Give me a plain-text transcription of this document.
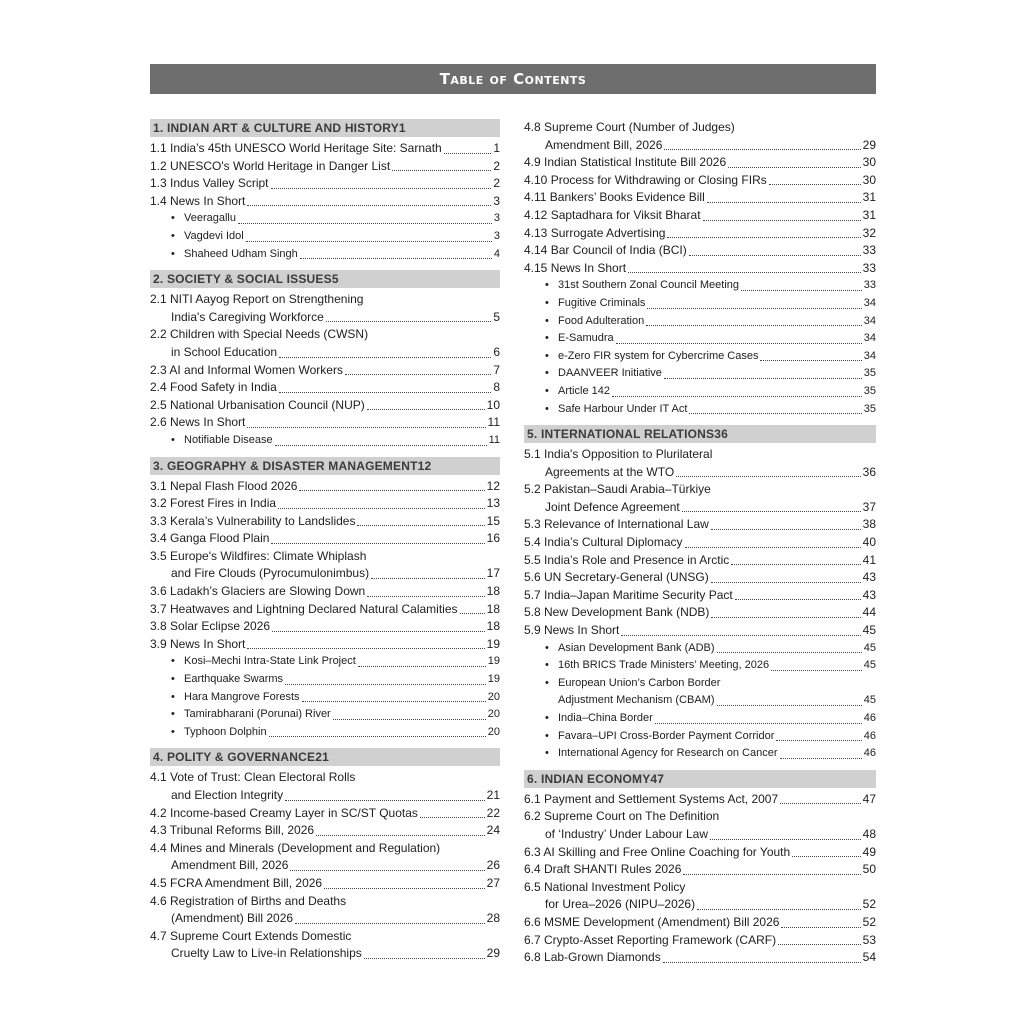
Table of Contents
1. INDIAN ART & CULTURE AND HISTORY 1
1.1 India’s 45th UNESCO World Heritage Site: Sarnath	1
1.2 UNESCO's World Heritage in Danger List	2
1.3 Indus Valley Script	2
1.4 News In Short	3
• Veeragallu	3
• Vagdevi Idol	3
• Shaheed Udham Singh	4
2. SOCIETY & SOCIAL ISSUES 5
2.1 NITI Aayog Report on Strengthening
India's Caregiving Workforce	5
2.2 Children with Special Needs (CWSN)
in School Education	6
2.3 AI and Informal Women Workers	7
2.4 Food Safety in India	8
2.5 National Urbanisation Council (NUP)	10
2.6 News In Short	11
• Notifiable Disease	11
3. GEOGRAPHY & DISASTER MANAGEMENT 12
3.1 Nepal Flash Flood 2026	12
3.2 Forest Fires in India	13
3.3 Kerala’s Vulnerability to Landslides	15
3.4 Ganga Flood Plain	16
3.5 Europe's Wildfires: Climate Whiplash
and Fire Clouds (Pyrocumulonimbus)	17
3.6 Ladakh’s Glaciers are Slowing Down	18
3.7 Heatwaves and Lightning Declared Natural Calamities 18
3.8 Solar Eclipse 2026	18
3.9 News In Short	19
• Kosi–Mechi Intra-State Link Project	19
• Earthquake Swarms	19
• Hara Mangrove Forests	20
• Tamirabharani (Porunai) River	20
• Typhoon Dolphin	20
4. POLITY & GOVERNANCE 21
4.1 Vote of Trust: Clean Electoral Rolls
and Election Integrity	21
4.2 Income-based Creamy Layer in SC/ST Quotas	22
4.3 Tribunal Reforms Bill, 2026	24
4.4 Mines and Minerals (Development and Regulation)
Amendment Bill, 2026	26
4.5 FCRA Amendment Bill, 2026	27
4.6 Registration of Births and Deaths
(Amendment) Bill 2026	28
4.7 Supreme Court Extends Domestic
Cruelty Law to Live-in Relationships	29
4.8 Supreme Court (Number of Judges)
Amendment Bill, 2026	29
4.9 Indian Statistical Institute Bill 2026	30
4.10 Process for Withdrawing or Closing FIRs	30
4.11 Bankers’ Books Evidence Bill	31
4.12 Saptadhara for Viksit Bharat	31
4.13 Surrogate Advertising	32
4.14 Bar Council of India (BCI)	33
4.15 News In Short	33
• 31st Southern Zonal Council Meeting	33
• Fugitive Criminals	34
• Food Adulteration	34
• E-Samudra	34
• e-Zero FIR system for Cybercrime Cases	34
• DAANVEER Initiative	35
• Article 142	35
• Safe Harbour Under IT Act	35
5. INTERNATIONAL RELATIONS 36
5.1 India's Opposition to Plurilateral
Agreements at the WTO	36
5.2 Pakistan–Saudi Arabia–Türkiye
Joint Defence Agreement	37
5.3 Relevance of International Law	38
5.4 India’s Cultural Diplomacy	40
5.5 India’s Role and Presence in Arctic	41
5.6 UN Secretary-General (UNSG)	43
5.7 India–Japan Maritime Security Pact	43
5.8 New Development Bank (NDB)	44
5.9 News In Short	45
• Asian Development Bank (ADB)	45
• 16th BRICS Trade Ministers’ Meeting, 2026	45
• European Union’s Carbon Border
Adjustment Mechanism (CBAM)	45
• India–China Border	46
• Favara–UPI Cross-Border Payment Corridor	46
• International Agency for Research on Cancer	46
6. INDIAN ECONOMY 47
6.1 Payment and Settlement Systems Act, 2007	47
6.2 Supreme Court on The Definition
of ‘Industry’ Under Labour Law	48
6.3 AI Skilling and Free Online Coaching for Youth	49
6.4 Draft SHANTI Rules 2026	50
6.5 National Investment Policy
for Urea–2026 (NIPU–2026)	52
6.6 MSME Development (Amendment) Bill 2026	52
6.7 Crypto-Asset Reporting Framework (CARF)	53
6.8 Lab-Grown Diamonds	54
